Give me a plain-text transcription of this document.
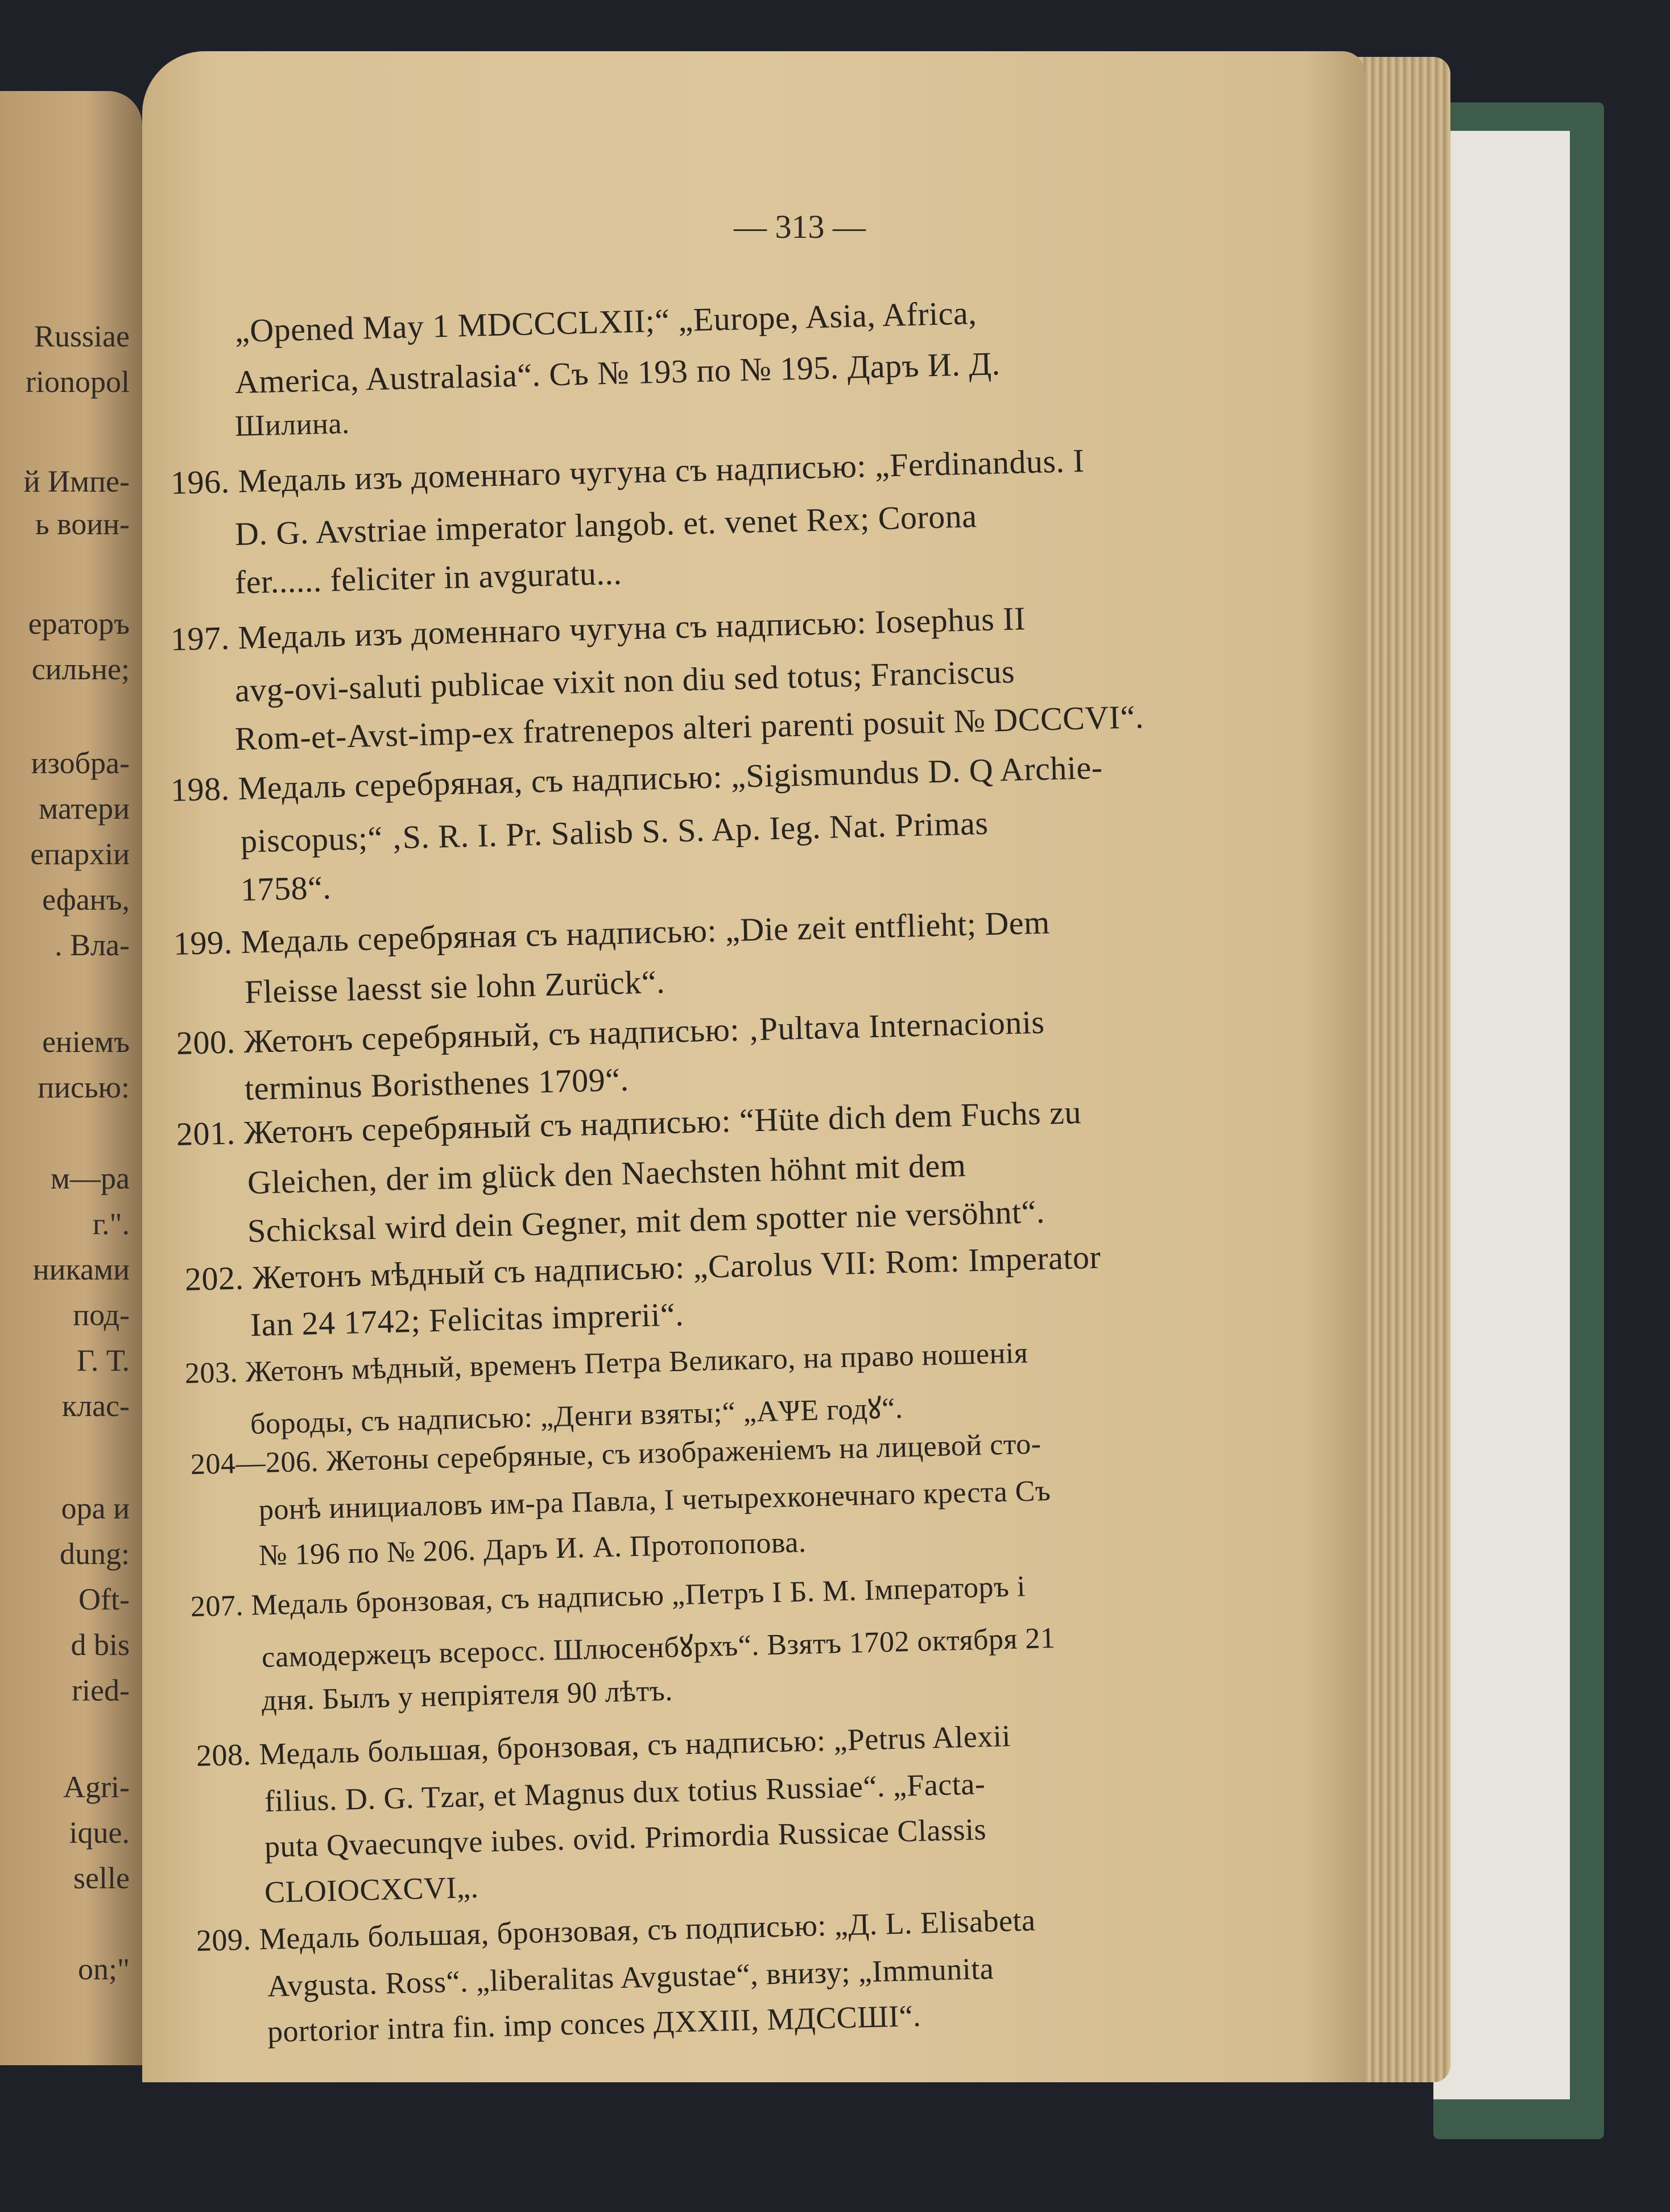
Russiae
rionopol
й Импе-
ь воин-
ераторъ
сильне;
изобра-
матери
епархіи
ефанъ,
. Вла-
еніемъ
писью:
м—ра
г.".
никами
под-
Г. Т.
клас-
ора и
dung:
Oft-
d bis
ried-
Agri-
ique.
selle
on;"
— 313 —
„Opened May 1 MDCCCLXII;“ „Europe, Asia, Africa,
America, Australasia“. Съ № 193 по № 195. Даръ И. Д.
Шилина.
196. Медаль изъ доменнаго чугуна съ надписью: „Ferdinandus. I
D. G. Avstriae imperator langob. et. venet Rex; Corona
fer...... feliciter in avguratu...
197. Медаль изъ доменнаго чугуна съ надписью: Iosephus II
avg-ovi-saluti publicae vixit non diu sed totus; Franciscus
Rom-et-Avst-imp-ex fratrenepos alteri parenti posuit № DCCCVI“.
198. Медаль серебряная, съ надписью: „Sigismundus D. Q Archie-
piscopus;“ ‚S. R. I. Pr. Salisb S. S. Ap. Ieg. Nat. Primas
1758“.
199. Медаль серебряная съ надписью: „Die zeit entflieht; Dem
Fleisse laesst sie lohn Zurück“.
200. Жетонъ серебряный, съ надписью: ‚Pultava Internacionis
terminus Boristhenes 1709“.
201. Жетонъ серебряный съ надписью: “Hüte dich dem Fuchs zu
Gleichen, der im glück den Naechsten höhnt mit dem
Schicksal wird dein Gegner, mit dem spotter nie versöhnt“.
202. Жетонъ мѣдный съ надписью: „Carolus VII: Rom: Imperator
Ian 24 1742; Felicitas imprerii“.
203. Жетонъ мѣдный, временъ Петра Великаго, на право ношенія
бороды, съ надписью: „Денги взяты;“ „АѰЕ годꙋ“.
204—206. Жетоны серебряные, съ изображеніемъ на лицевой сто-
ронѣ инициаловъ им-ра Павла, I четырехконечнаго креста Съ
№ 196 по № 206. Даръ И. А. Протопопова.
207. Медаль бронзовая, съ надписью „Петръ I Б. М. Імператоръ і
самодержецъ всеросс. Шлюсенбꙋрхъ“. Взятъ 1702 октября 21
дня. Былъ у непріятеля 90 лѣтъ.
208. Медаль большая, бронзовая, съ надписью: „Petrus Alexii
filius. D. G. Tzar, et Magnus dux totius Russiae“. „Facta-
puta Qvaecunqve iubes. ovid. Primordia Russicae Classis
CLOIOCXCVI„.
209. Медаль большая, бронзовая, съ подписью: „Д. L. Elisabeta
Avgusta. Ross“. „liberalitas Avgustae“, внизу; „Immunita
portorior intra fin. imp conces ДХХIII, МДССШІ“.
